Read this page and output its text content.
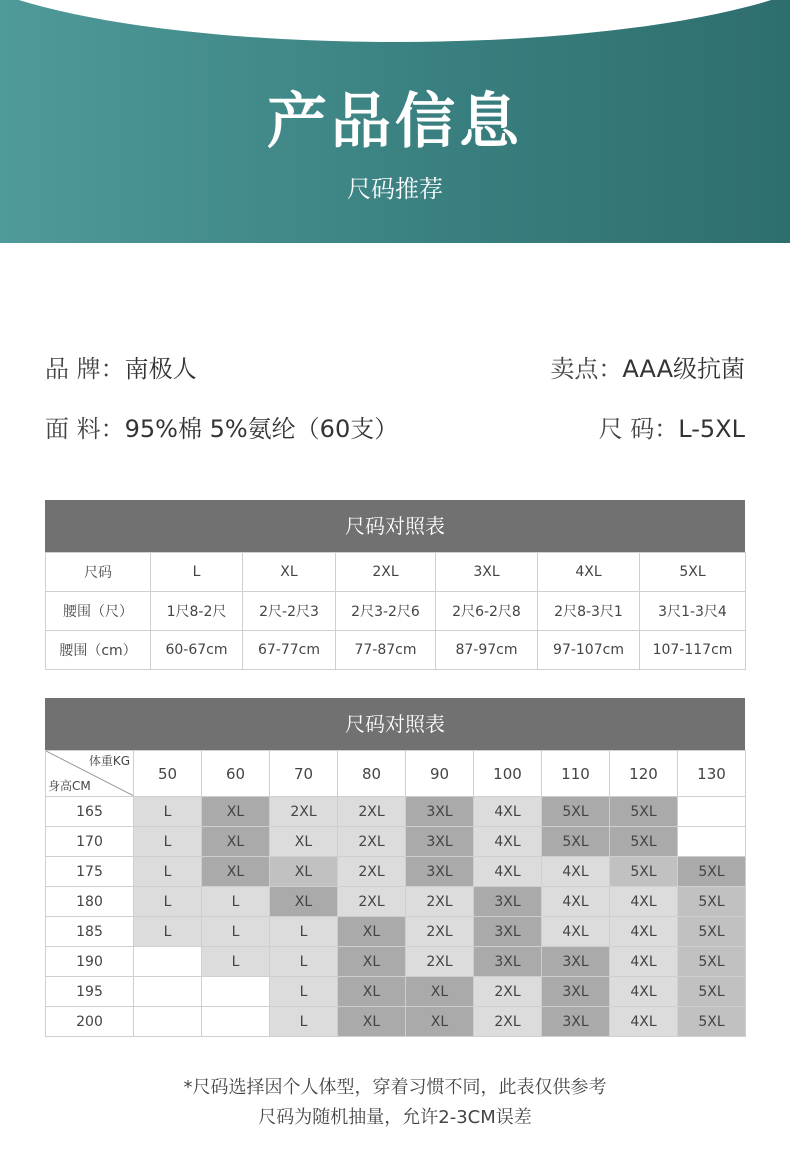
产品信息
尺码推荐
品 牌：南极人	卖点：AAA级抗菌
面 料：95%棉 5%氨纶（60支）	尺 码：L-5XL
尺码对照表
尺码	L	XL	2XL	3XL	4XL	5XL
腰围（尺）	1尺8-2尺	2尺-2尺3	2尺3-2尺6	2尺6-2尺8	2尺8-3尺1	3尺1-3尺4
腰围（cm）	60-67cm	67-77cm	77-87cm	87-97cm	97-107cm	107-117cm
尺码对照表
体重KG
身高CM	50	60	70	80	90	100	110	120	130
165	L	XL	2XL	2XL	3XL	4XL	5XL	5XL	
170	L	XL	XL	2XL	3XL	4XL	5XL	5XL	
175	L	XL	XL	2XL	3XL	4XL	4XL	5XL	5XL
180	L	L	XL	2XL	2XL	3XL	4XL	4XL	5XL
185	L	L	L	XL	2XL	3XL	4XL	4XL	5XL
190		L	L	XL	2XL	3XL	3XL	4XL	5XL
195			L	XL	XL	2XL	3XL	4XL	5XL
200			L	XL	XL	2XL	3XL	4XL	5XL
*尺码选择因个人体型，穿着习惯不同，此表仅供参考
尺码为随机抽量，允许2-3CM误差
